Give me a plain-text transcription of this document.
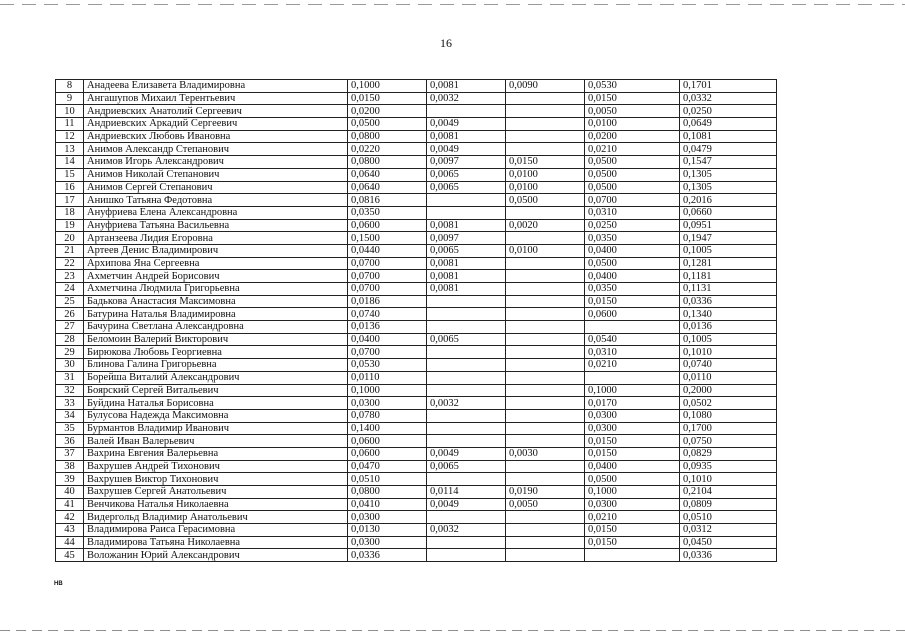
16
8	Анадеева Елизавета Владимировна	0,1000	0,0081	0,0090	0,0530	0,1701
9	Ангашупов Михаил Терентьевич	0,0150	0,0032		0,0150	0,0332
10	Андриевских Анатолий Сергеевич	0,0200			0,0050	0,0250
11	Андриевских Аркадий Сергеевич	0,0500	0,0049		0,0100	0,0649
12	Андриевских Любовь Ивановна	0,0800	0,0081		0,0200	0,1081
13	Анимов Александр Степанович	0,0220	0,0049		0,0210	0,0479
14	Анимов Игорь Александрович	0,0800	0,0097	0,0150	0,0500	0,1547
15	Анимов Николай Степанович	0,0640	0,0065	0,0100	0,0500	0,1305
16	Анимов Сергей Степанович	0,0640	0,0065	0,0100	0,0500	0,1305
17	Анишко Татьяна Федотовна	0,0816		0,0500	0,0700	0,2016
18	Ануфриева Елена Александровна	0,0350			0,0310	0,0660
19	Ануфриева Татьяна Васильевна	0,0600	0,0081	0,0020	0,0250	0,0951
20	Артанзеева Лидия Егоровна	0,1500	0,0097		0,0350	0,1947
21	Артеев Денис Владимирович	0,0440	0,0065	0,0100	0,0400	0,1005
22	Архипова Яна Сергеевна	0,0700	0,0081		0,0500	0,1281
23	Ахметчин Андрей Борисович	0,0700	0,0081		0,0400	0,1181
24	Ахметчина Людмила Григорьевна	0,0700	0,0081		0,0350	0,1131
25	Бадькова Анастасия Максимовна	0,0186			0,0150	0,0336
26	Батурина Наталья Владимировна	0,0740			0,0600	0,1340
27	Бачурина Светлана Александровна	0,0136				0,0136
28	Беломоин Валерий Викторович	0,0400	0,0065		0,0540	0,1005
29	Бирюкова Любовь Георгиевна	0,0700			0,0310	0,1010
30	Блинова Галина Григорьевна	0,0530			0,0210	0,0740
31	Борейша Виталий Александрович	0,0110				0,0110
32	Боярский Сергей Витальевич	0,1000			0,1000	0,2000
33	Буйдина Наталья Борисовна	0,0300	0,0032		0,0170	0,0502
34	Булусова Надежда Максимовна	0,0780			0,0300	0,1080
35	Бурмантов Владимир Иванович	0,1400			0,0300	0,1700
36	Валей Иван Валерьевич	0,0600			0,0150	0,0750
37	Вахрина Евгения Валерьевна	0,0600	0,0049	0,0030	0,0150	0,0829
38	Вахрушев Андрей Тихонович	0,0470	0,0065		0,0400	0,0935
39	Вахрушев Виктор Тихонович	0,0510			0,0500	0,1010
40	Вахрушев Сергей Анатольевич	0,0800	0,0114	0,0190	0,1000	0,2104
41	Венчикова Наталья Николаевна	0,0410	0,0049	0,0050	0,0300	0,0809
42	Видергольд Владимир Анатольевич	0,0300			0,0210	0,0510
43	Владимирова Раиса Герасимовна	0,0130	0,0032		0,0150	0,0312
44	Владимирова Татьяна Николаевна	0,0300			0,0150	0,0450
45	Воложанин Юрий Александрович	0,0336				0,0336
НВ
